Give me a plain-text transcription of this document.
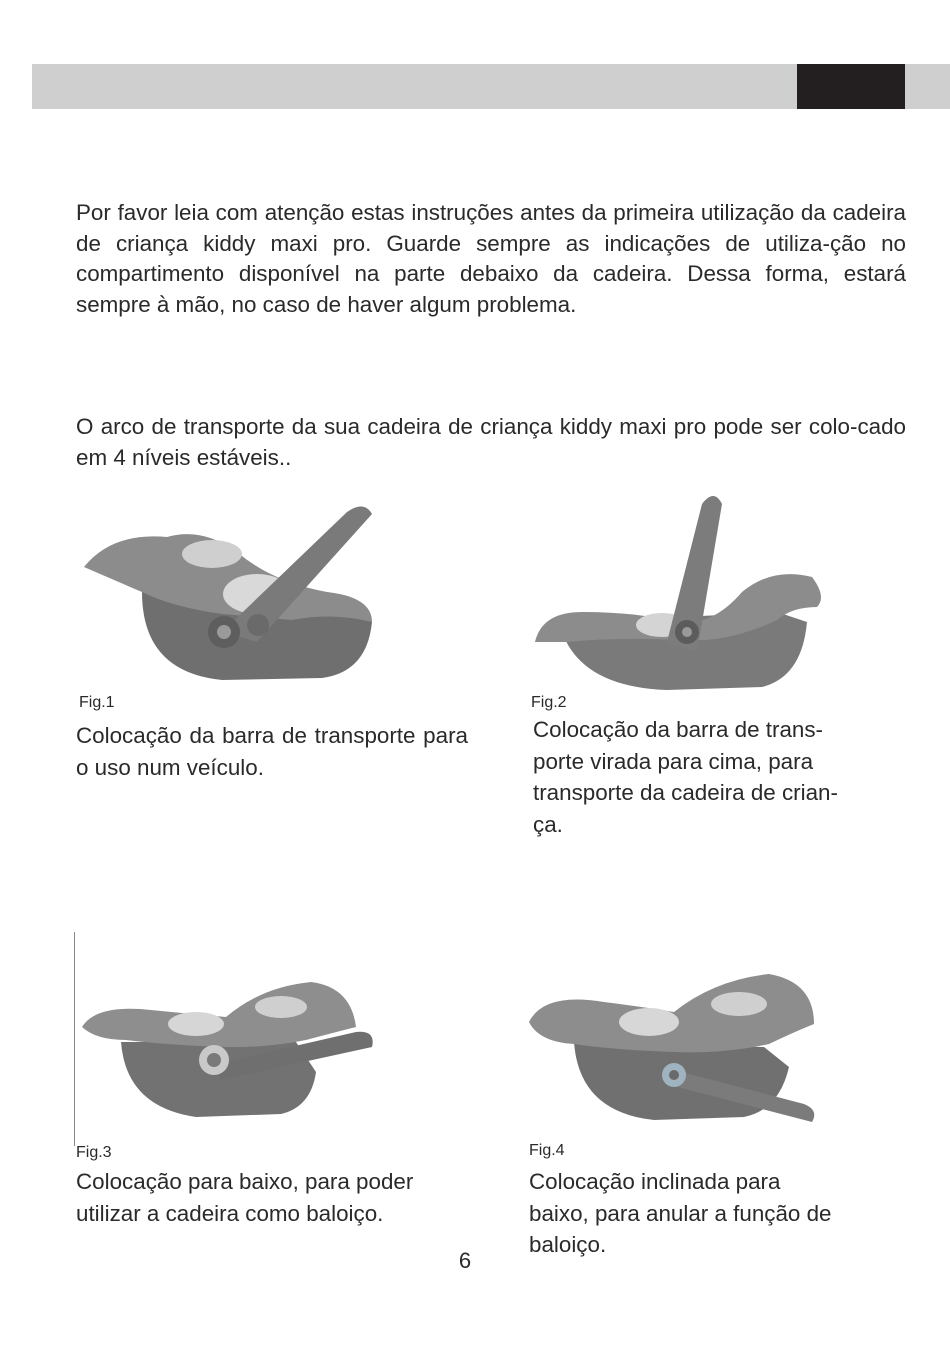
Por favor leia com atenção estas instruções antes da primeira utilização da cadeira de criança kiddy maxi pro. Guarde sempre as indicações de utiliza-ção no compartimento disponível na parte debaixo da cadeira. Dessa forma, estará sempre à mão, no caso de haver algum problema.

O arco de transporte da sua cadeira de criança kiddy maxi pro pode ser colo-cado em 4 níveis estáveis..

Fig.1

Colocação da barra de transporte para o uso num veículo.

Fig.2
Colocação da barra de trans-
porte virada para cima, para
transporte da cadeira de crian-
ça.
Fig.3
Colocação para baixo, para poder
utilizar a cadeira como baloiço.
Fig.4
Colocação inclinada para
baixo, para anular a função de
baloiço.
6
